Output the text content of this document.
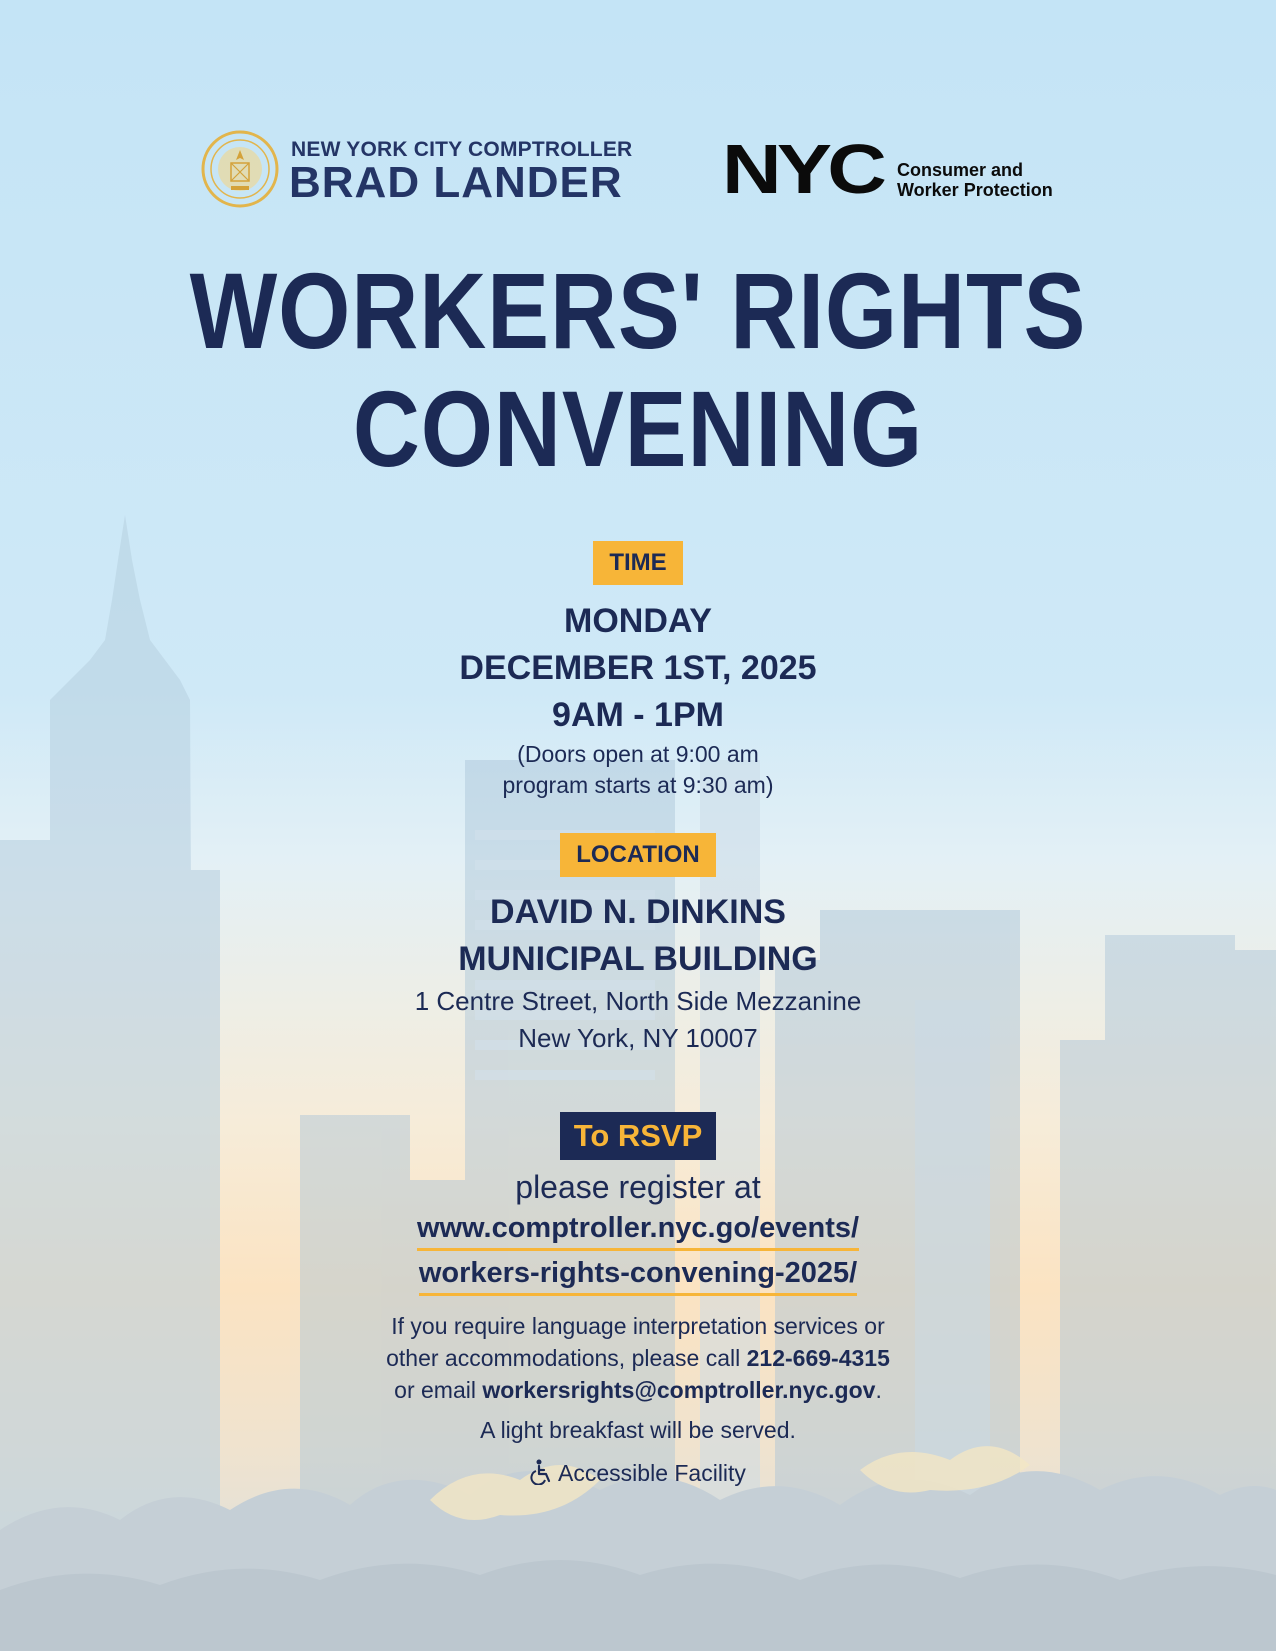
NEW YORK CITY COMPTROLLER
BRAD LANDER NYC Consumer and
Worker Protection
WORKERS' RIGHTS
CONVENING
TIME
MONDAY
DECEMBER 1ST, 2025
9AM - 1PM
(Doors open at 9:00 am
program starts at 9:30 am)
LOCATION
DAVID N. DINKINS
MUNICIPAL BUILDING
1 Centre Street, North Side Mezzanine
New York, NY 10007
To RSVP
please register at
www.comptroller.nyc.go/events/
workers-rights-convening-2025/
If you require language interpretation services or
other accommodations, please call 212-669-4315
or email workersrights@comptroller.nyc.gov.
A light breakfast will be served.
Accessible Facility
